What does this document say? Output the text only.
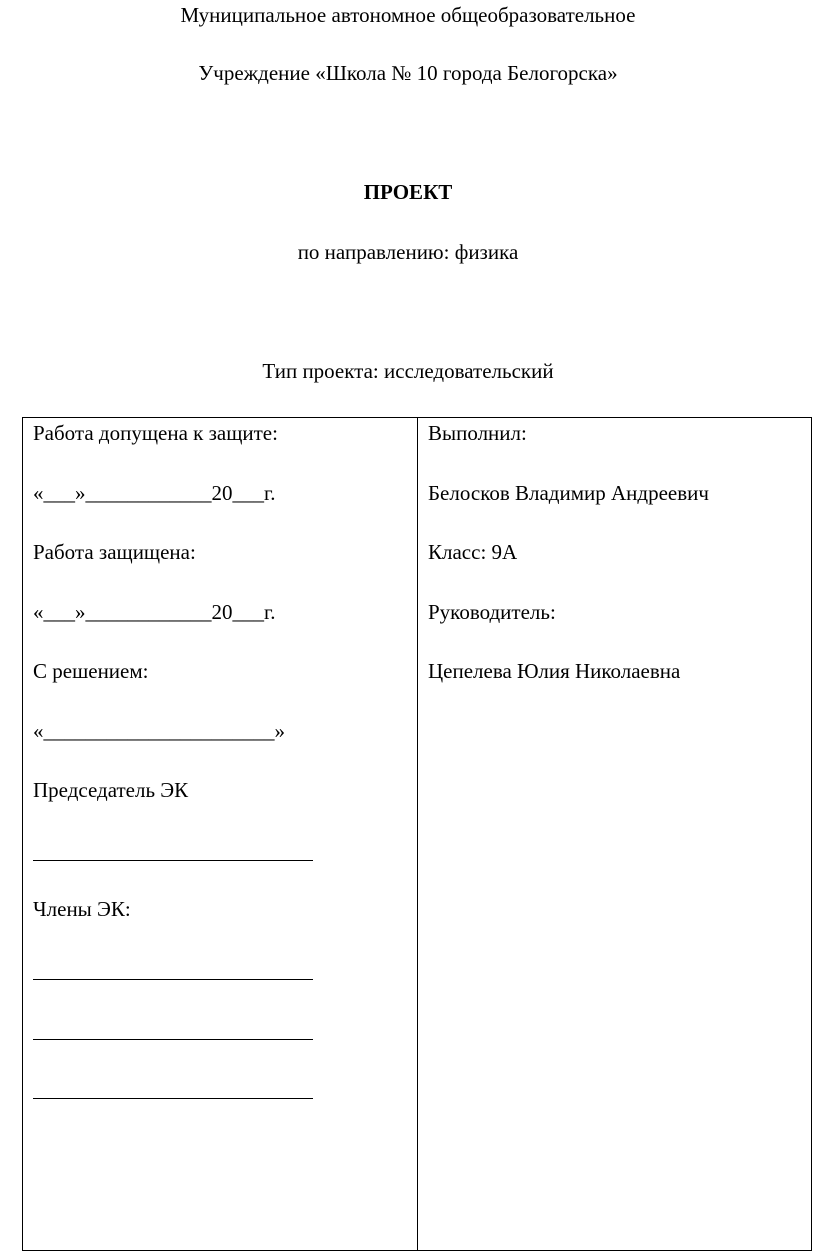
Муниципальное автономное общеобразовательное
Учреждение «Школа № 10 города Белогорска»
ПРОЕКТ
по направлению: физика
Тип проекта: исследовательский
Работа допущена к защите:
«___»____________20___г.
Работа защищена:
«___»____________20___г.
С решением:
«______________________»
Председатель ЭК
Члены ЭК:
Выполнил:
Белосков Владимир Андреевич
Класс: 9А
Руководитель:
Цепелева Юлия Николаевна
